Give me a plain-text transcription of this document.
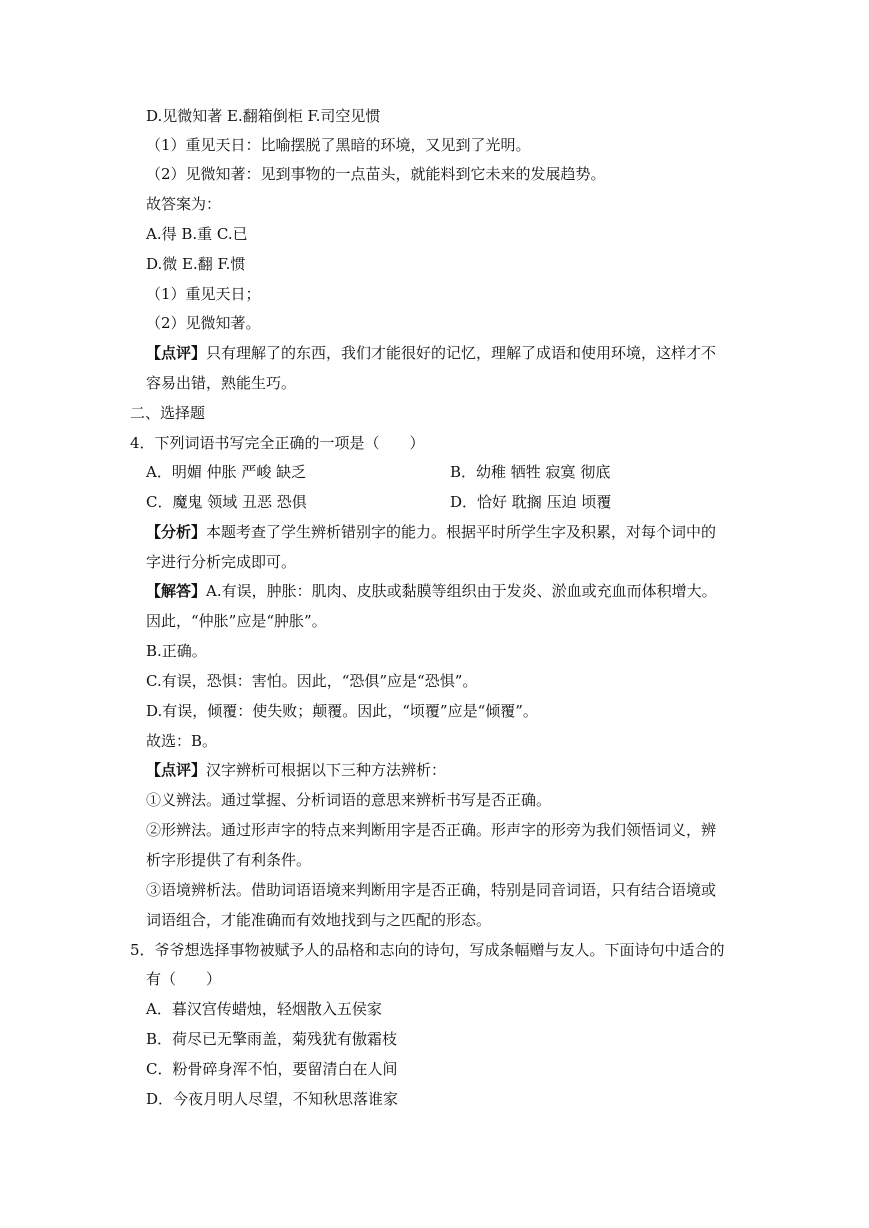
D.见微知著 E.翻箱倒柜 F.司空见惯
（1）重见天日：比喻摆脱了黑暗的环境，又见到了光明。
（2）见微知著：见到事物的一点苗头，就能料到它未来的发展趋势。
故答案为：
A.得 B.重 C.已
D.微 E.翻 F.惯
（1）重见天日；
（2）见微知著。
【点评】只有理解了的东西，我们才能很好的记忆，理解了成语和使用环境，这样才不
容易出错，熟能生巧。
二、选择题
4．下列词语书写完全正确的一项是（　　）
A．明媚 仲胀 严峻 缺乏	B．幼稚 牺牲 寂寞 彻底
C．魔鬼 领域 丑恶 恐俱	D．恰好 耽搁 压迫 顷覆
【分析】本题考查了学生辨析错别字的能力。根据平时所学生字及积累，对每个词中的
字进行分析完成即可。
【解答】A.有误，肿胀：肌肉、皮肤或黏膜等组织由于发炎、淤血或充血而体积增大。
因此，“仲胀”应是“肿胀”。
B.正确。
C.有误，恐惧：害怕。因此，“恐俱”应是“恐惧”。
D.有误，倾覆：使失败；颠覆。因此，“顷覆”应是“倾覆”。
故选：B。
【点评】汉字辨析可根据以下三种方法辨析：
①义辨法。通过掌握、分析词语的意思来辨析书写是否正确。
②形辨法。通过形声字的特点来判断用字是否正确。形声字的形旁为我们领悟词义，辨
析字形提供了有利条件。
③语境辨析法。借助词语语境来判断用字是否正确，特别是同音词语，只有结合语境或
词语组合，才能准确而有效地找到与之匹配的形态。
5．爷爷想选择事物被赋予人的品格和志向的诗句，写成条幅赠与友人。下面诗句中适合的
有（　　）
A．暮汉宫传蜡烛，轻烟散入五侯家
B．荷尽已无擎雨盖，菊残犹有傲霜枝
C．粉骨碎身浑不怕，要留清白在人间
D．今夜月明人尽望，不知秋思落谁家
